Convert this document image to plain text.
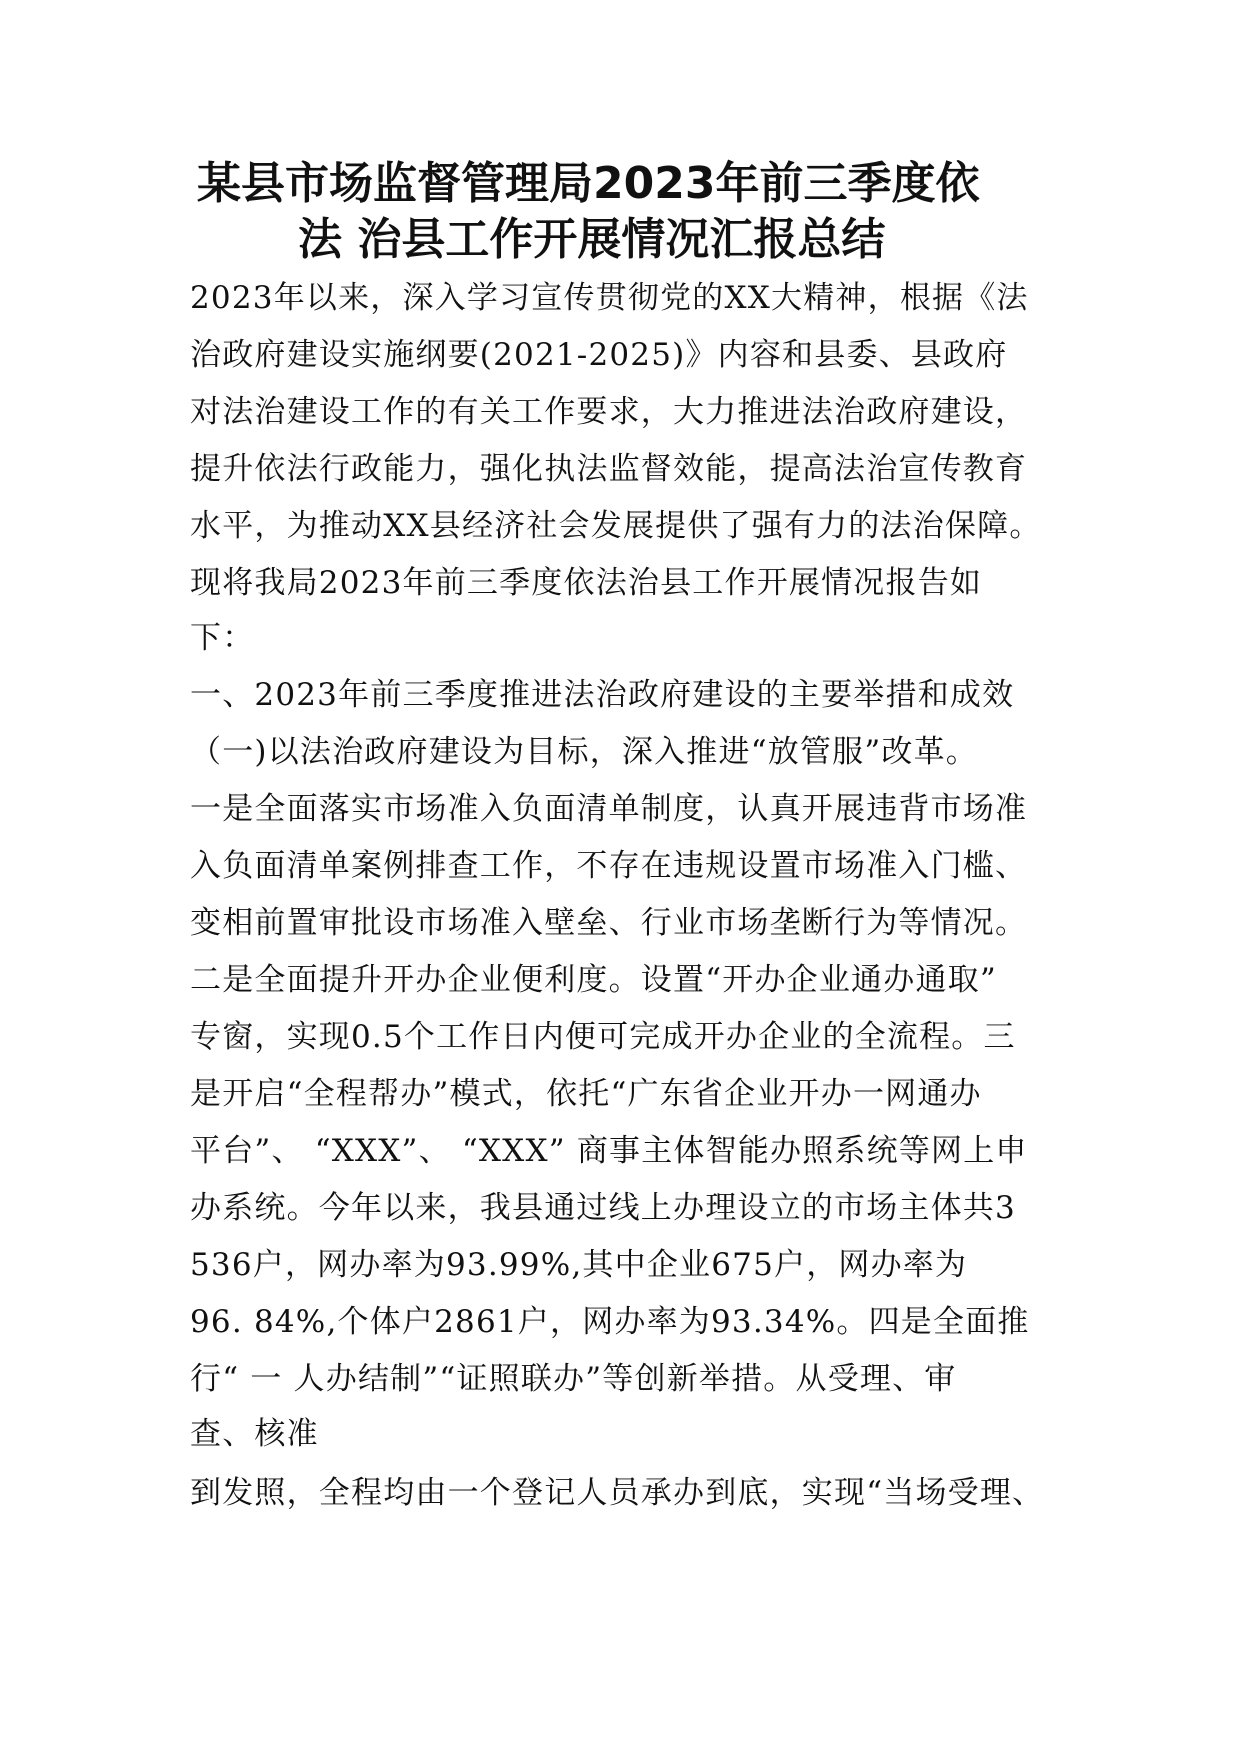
某县市场监督管理局2023年前三季度依
法 治县工作开展情况汇报总结
2023年以来，深入学习宣传贯彻党的XX大精神，根据《法
治政府建设实施纲要(2021-2025)》内容和县委、县政府
对法治建设工作的有关工作要求，大力推进法治政府建设，
提升依法行政能力，强化执法监督效能，提高法治宣传教育
水平，为推动XX县经济社会发展提供了强有力的法治保障。
现将我局2023年前三季度依法治县工作开展情况报告如
下：
一、2023年前三季度推进法治政府建设的主要举措和成效
（一)以法治政府建设为目标，深入推进“放管服”改革。
一是全面落实市场准入负面清单制度，认真开展违背市场准
入负面清单案例排查工作，不存在违规设置市场准入门槛、
变相前置审批设市场准入壁垒、行业市场垄断行为等情况。
二是全面提升开办企业便利度。设置“开办企业通办通取”
专窗，实现0.5个工作日内便可完成开办企业的全流程。三
是开启“全程帮办”模式，依托“广东省企业开办一网通办
平台”、 “XXX”、 “XXX” 商事主体智能办照系统等网上申
办系统。今年以来，我县通过线上办理设立的市场主体共3
536户，网办率为93.99%,其中企业675户，网办率为
96. 84%,个体户2861户，网办率为93.34%。四是全面推
行“ 一 人办结制”“证照联办”等创新举措。从受理、审
查、核准
到发照，全程均由一个登记人员承办到底，实现“当场受理、
